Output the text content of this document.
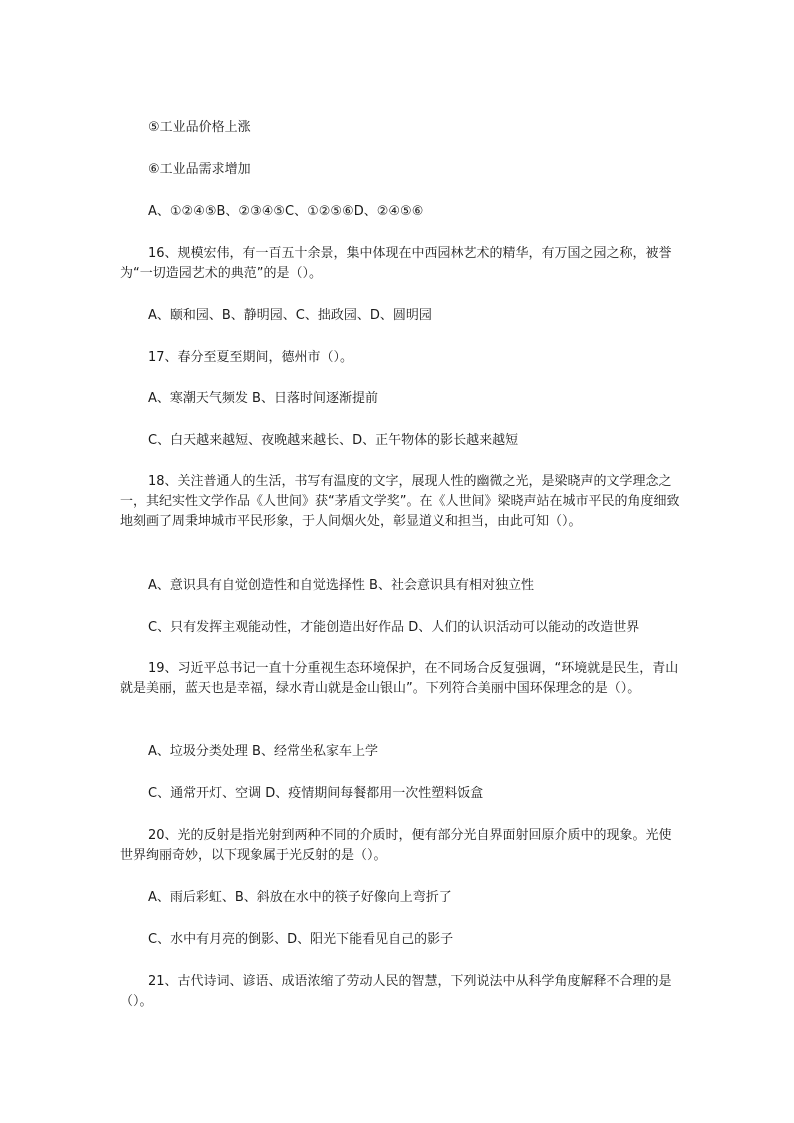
⑤工业品价格上涨
⑥工业品需求增加
A、①②④⑤B、②③④⑤C、①②⑤⑥D、②④⑤⑥

16、规模宏伟，有一百五十余景，集中体现在中西园林艺术的精华，有万国之园之称，被誉为“一切造园艺术的典范”的是（）。

A、颐和园、B、静明园、C、拙政园、D、圆明园

17、春分至夏至期间，德州市（）。

A、寒潮天气频发 B、日落时间逐渐提前
C、白天越来越短、夜晚越来越长、D、正午物体的影长越来越短

18、关注普通人的生活，书写有温度的文字，展现人性的幽微之光，是梁晓声的文学理念之一，其纪实性文学作品《人世间》获“茅盾文学奖”。在《人世间》梁晓声站在城市平民的角度细致地刻画了周秉坤城市平民形象，于人间烟火处，彰显道义和担当，由此可知（）。

A、意识具有自觉创造性和自觉选择性 B、社会意识具有相对独立性
C、只有发挥主观能动性，才能创造出好作品 D、人们的认识活动可以能动的改造世界

19、习近平总书记一直十分重视生态环境保护，在不同场合反复强调，“环境就是民生，青山就是美丽，蓝天也是幸福，绿水青山就是金山银山”。下列符合美丽中国环保理念的是（）。

A、垃圾分类处理 B、经常坐私家车上学
C、通常开灯、空调 D、疫情期间每餐都用一次性塑料饭盒

20、光的反射是指光射到两种不同的介质时，便有部分光自界面射回原介质中的现象。光使世界绚丽奇妙，以下现象属于光反射的是（）。

A、雨后彩虹、B、斜放在水中的筷子好像向上弯折了
C、水中有月亮的倒影、D、阳光下能看见自己的影子

21、古代诗词、谚语、成语浓缩了劳动人民的智慧，下列说法中从科学角度解释不合理的是（）。
